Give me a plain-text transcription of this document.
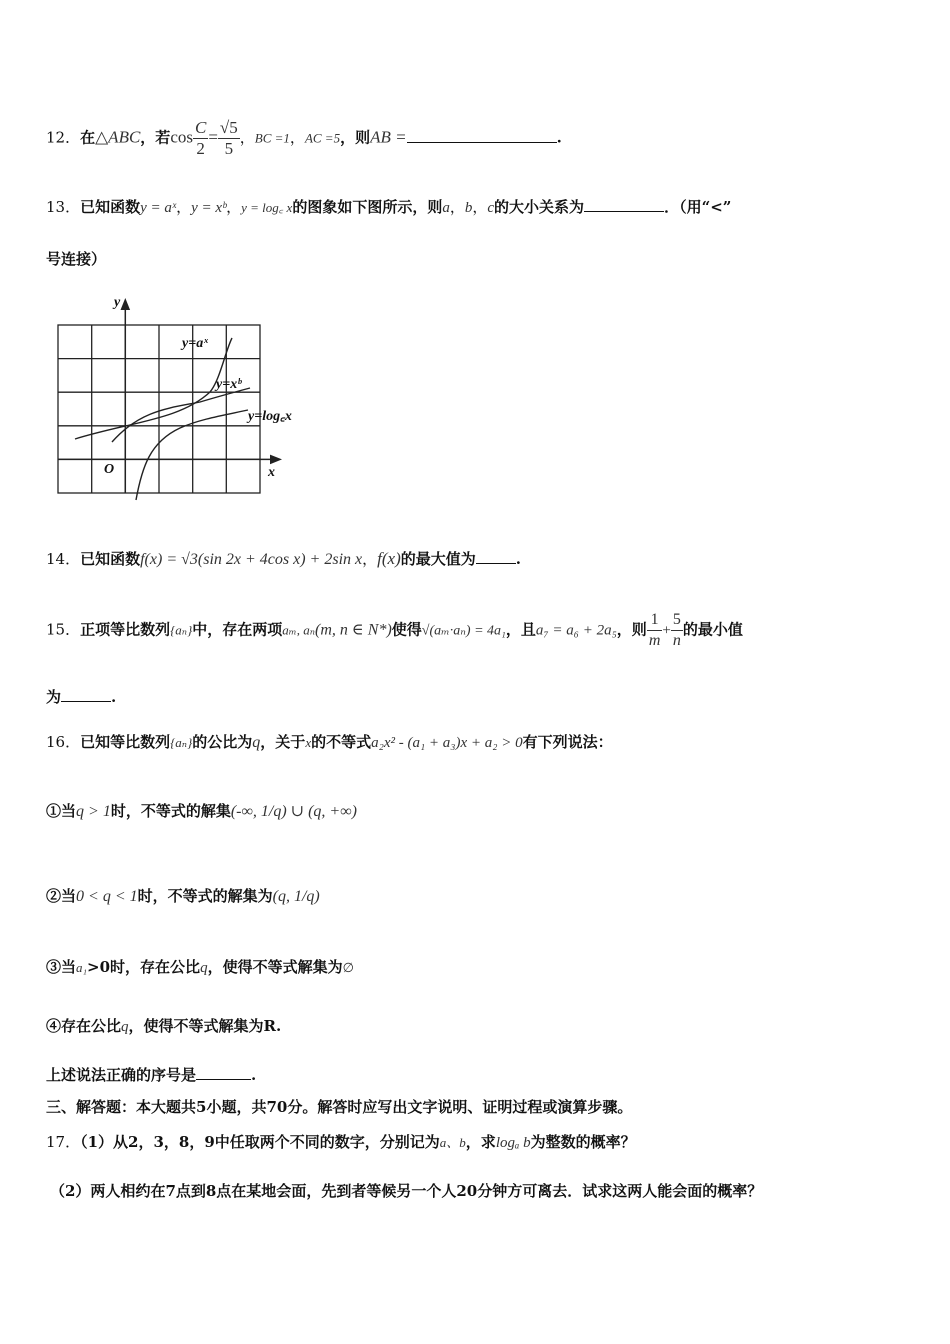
12．在△ABC，若$\cos \frac{C}{2} = \frac{√5}{5}$ ，BC =1，AC =5，则AB =	.
13．已知函数y = aˣ，y = xᵇ，y = log꜀ x的图象如下图所示，则a，b，c的大小关系为	．（用“<”
号连接）
y
x
O
y=aˣ
y=xᵇ
y=log꜀x
14．已知函数f(x) = √3(sin 2x + 4cos x) + 2sin x，f(x)的最大值为	.
15．正项等比数列{aₙ}中，存在两项aₘ, aₙ(m, n ∈ N*)使得√(aₘ·aₙ) = 4a₁，且a₇ = a₆ + 2a₅，则 $\frac{1}{m} + \frac{5}{n}$ 的最小值
为	.
16．已知等比数列{aₙ}的公比为q，关于x的不等式a₂x² - (a₁ + a₃)x + a₂ > 0有下列说法：
①当q > 1时，不等式的解集(-∞, 1/q) ∪ (q, +∞)
②当0 < q < 1时，不等式的解集为(q, 1/q)
③当a₁>0时，存在公比q，使得不等式解集为∅
④存在公比q，使得不等式解集为R.
上述说法正确的序号是	.
三、解答题：本大题共5小题，共70分。解答时应写出文字说明、证明过程或演算步骤。
17．（1）从2，3，8，9中任取两个不同的数字，分别记为a、b，求logₐ b为整数的概率？
（2）两人相约在7点到8点在某地会面，先到者等候另一个人20分钟方可离去．试求这两人能会面的概率？
